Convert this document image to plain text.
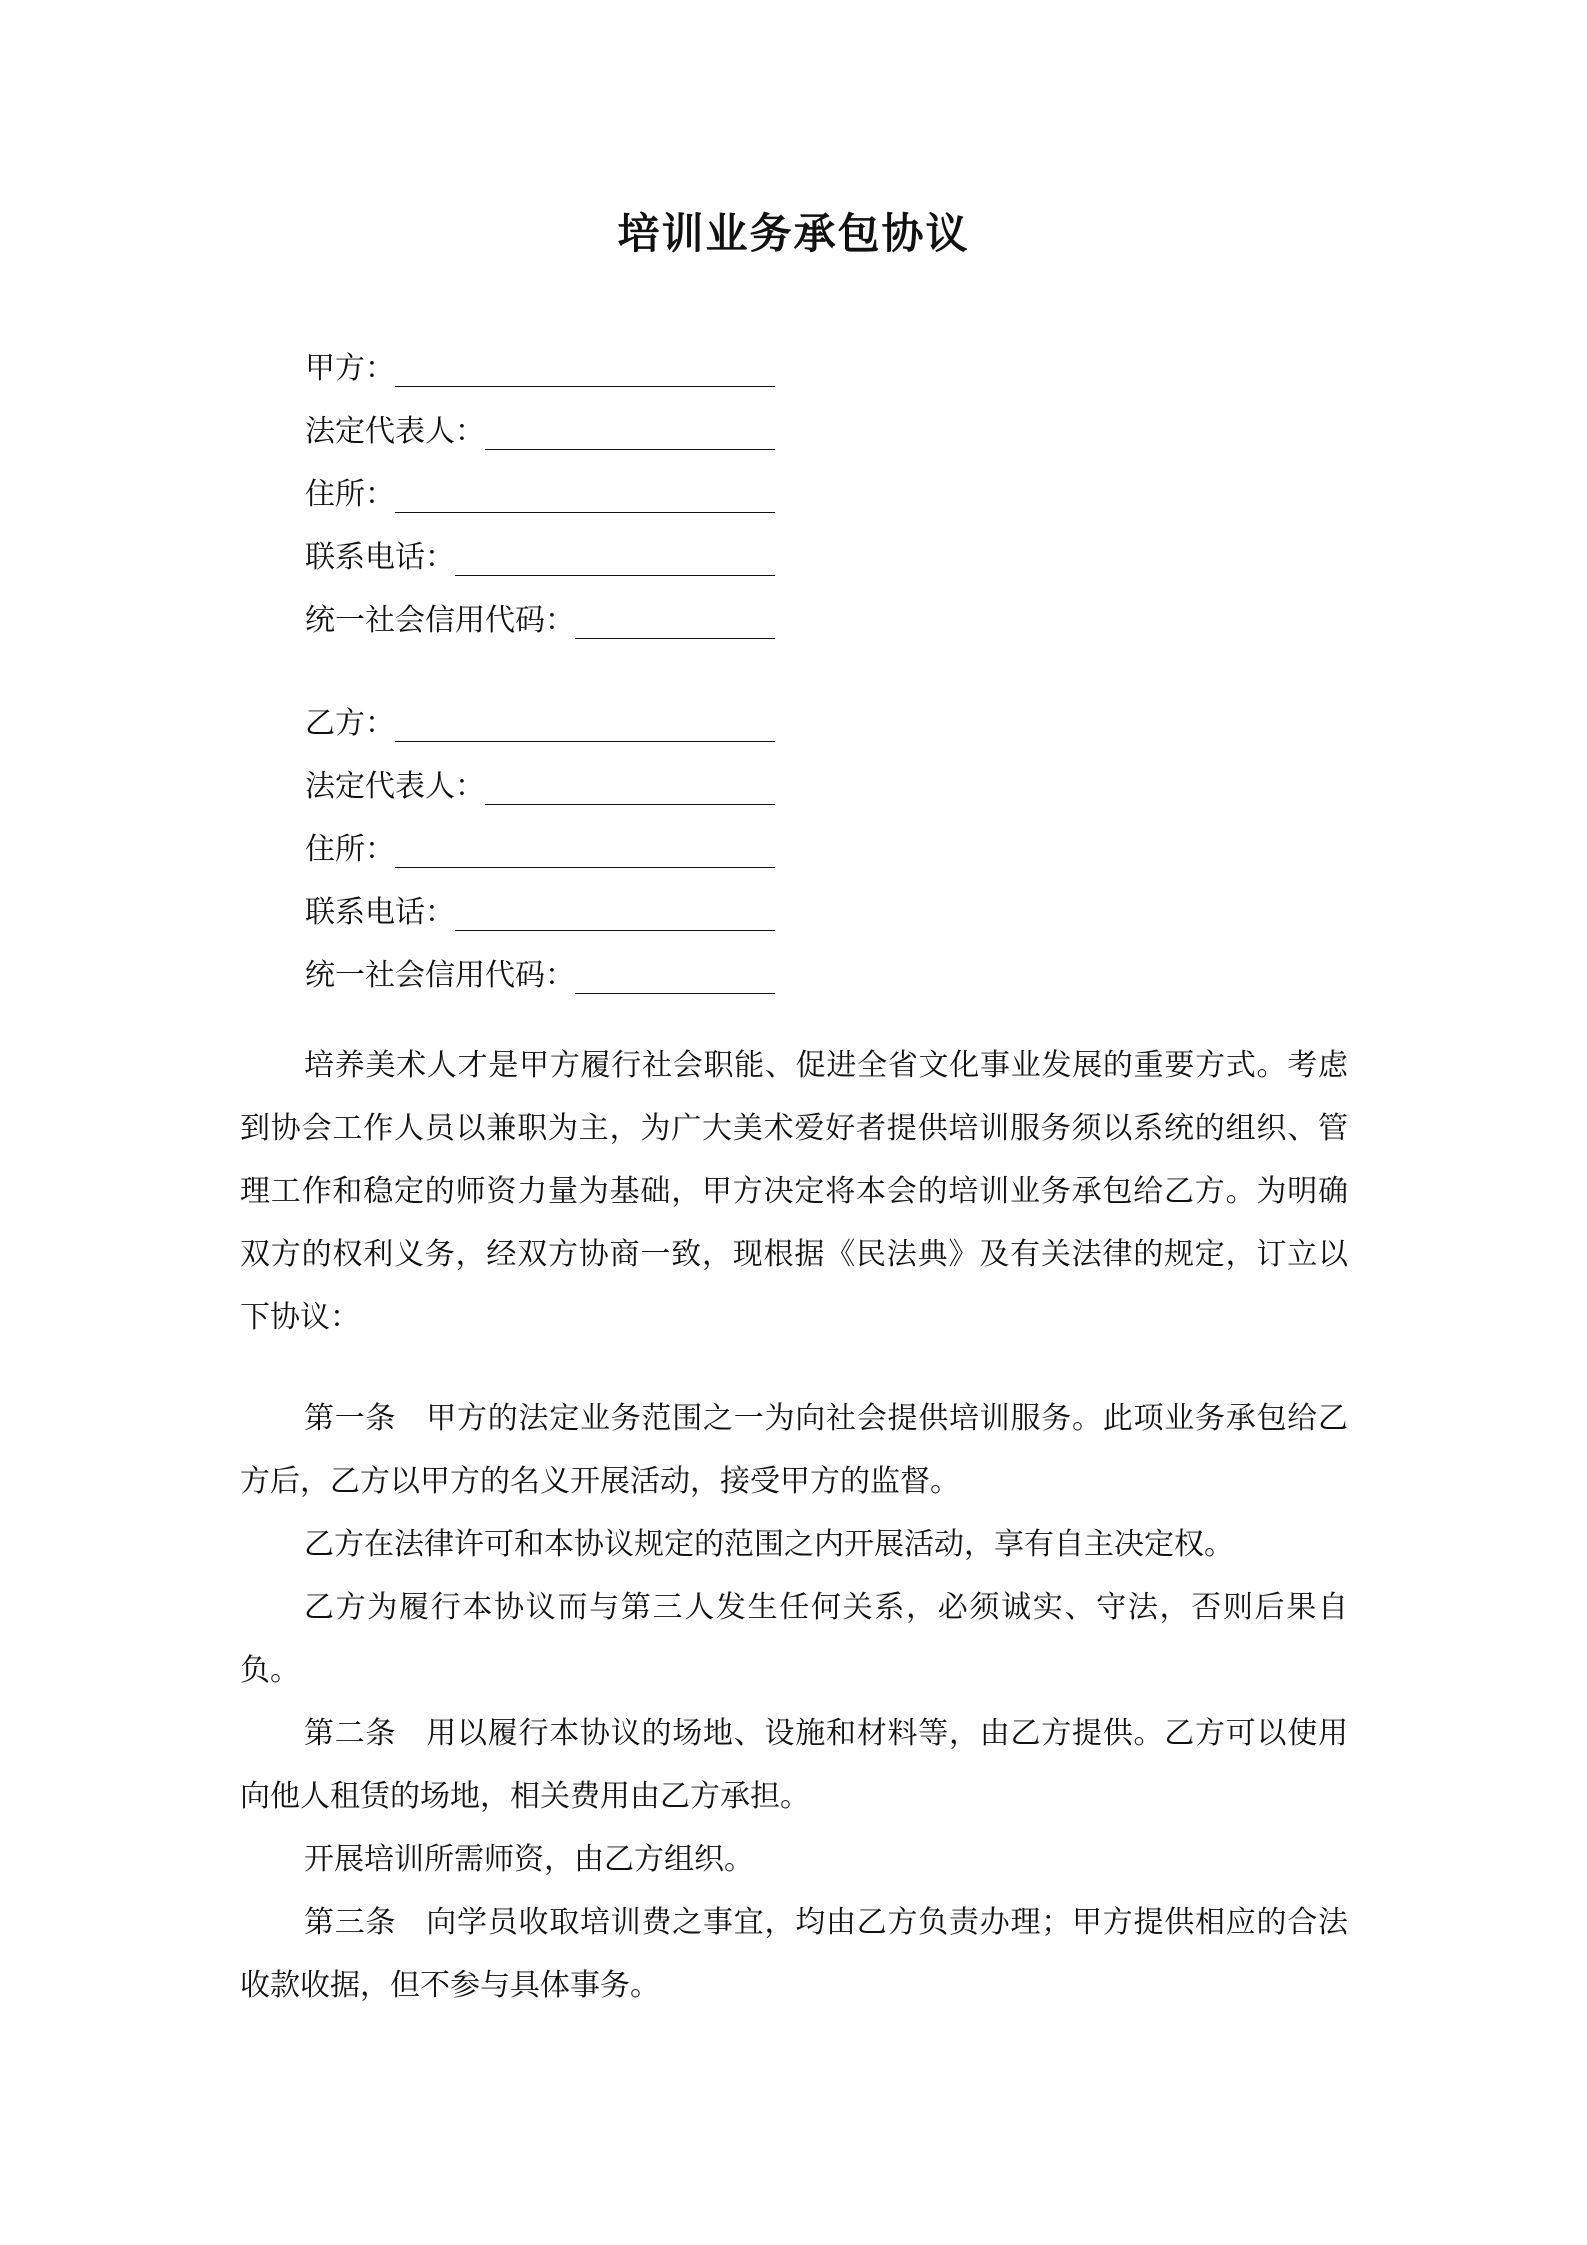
培训业务承包协议
甲方：
法定代表人：
住所：
联系电话：
统一社会信用代码：
乙方：
法定代表人：
住所：
联系电话：
统一社会信用代码：

培养美术人才是甲方履行社会职能、促进全省文化事业发展的重要方式。考虑到协会工作人员以兼职为主，为广大美术爱好者提供培训服务须以系统的组织、管理工作和稳定的师资力量为基础，甲方决定将本会的培训业务承包给乙方。为明确双方的权利义务，经双方协商一致，现根据《民法典》及有关法律的规定，订立以下协议：

第一条 甲方的法定业务范围之一为向社会提供培训服务。此项业务承包给乙方后，乙方以甲方的名义开展活动，接受甲方的监督。

乙方在法律许可和本协议规定的范围之内开展活动，享有自主决定权。

乙方为履行本协议而与第三人发生任何关系，必须诚实、守法，否则后果自负。

第二条 用以履行本协议的场地、设施和材料等，由乙方提供。乙方可以使用向他人租赁的场地，相关费用由乙方承担。

开展培训所需师资，由乙方组织。

第三条 向学员收取培训费之事宜，均由乙方负责办理；甲方提供相应的合法收款收据，但不参与具体事务。
